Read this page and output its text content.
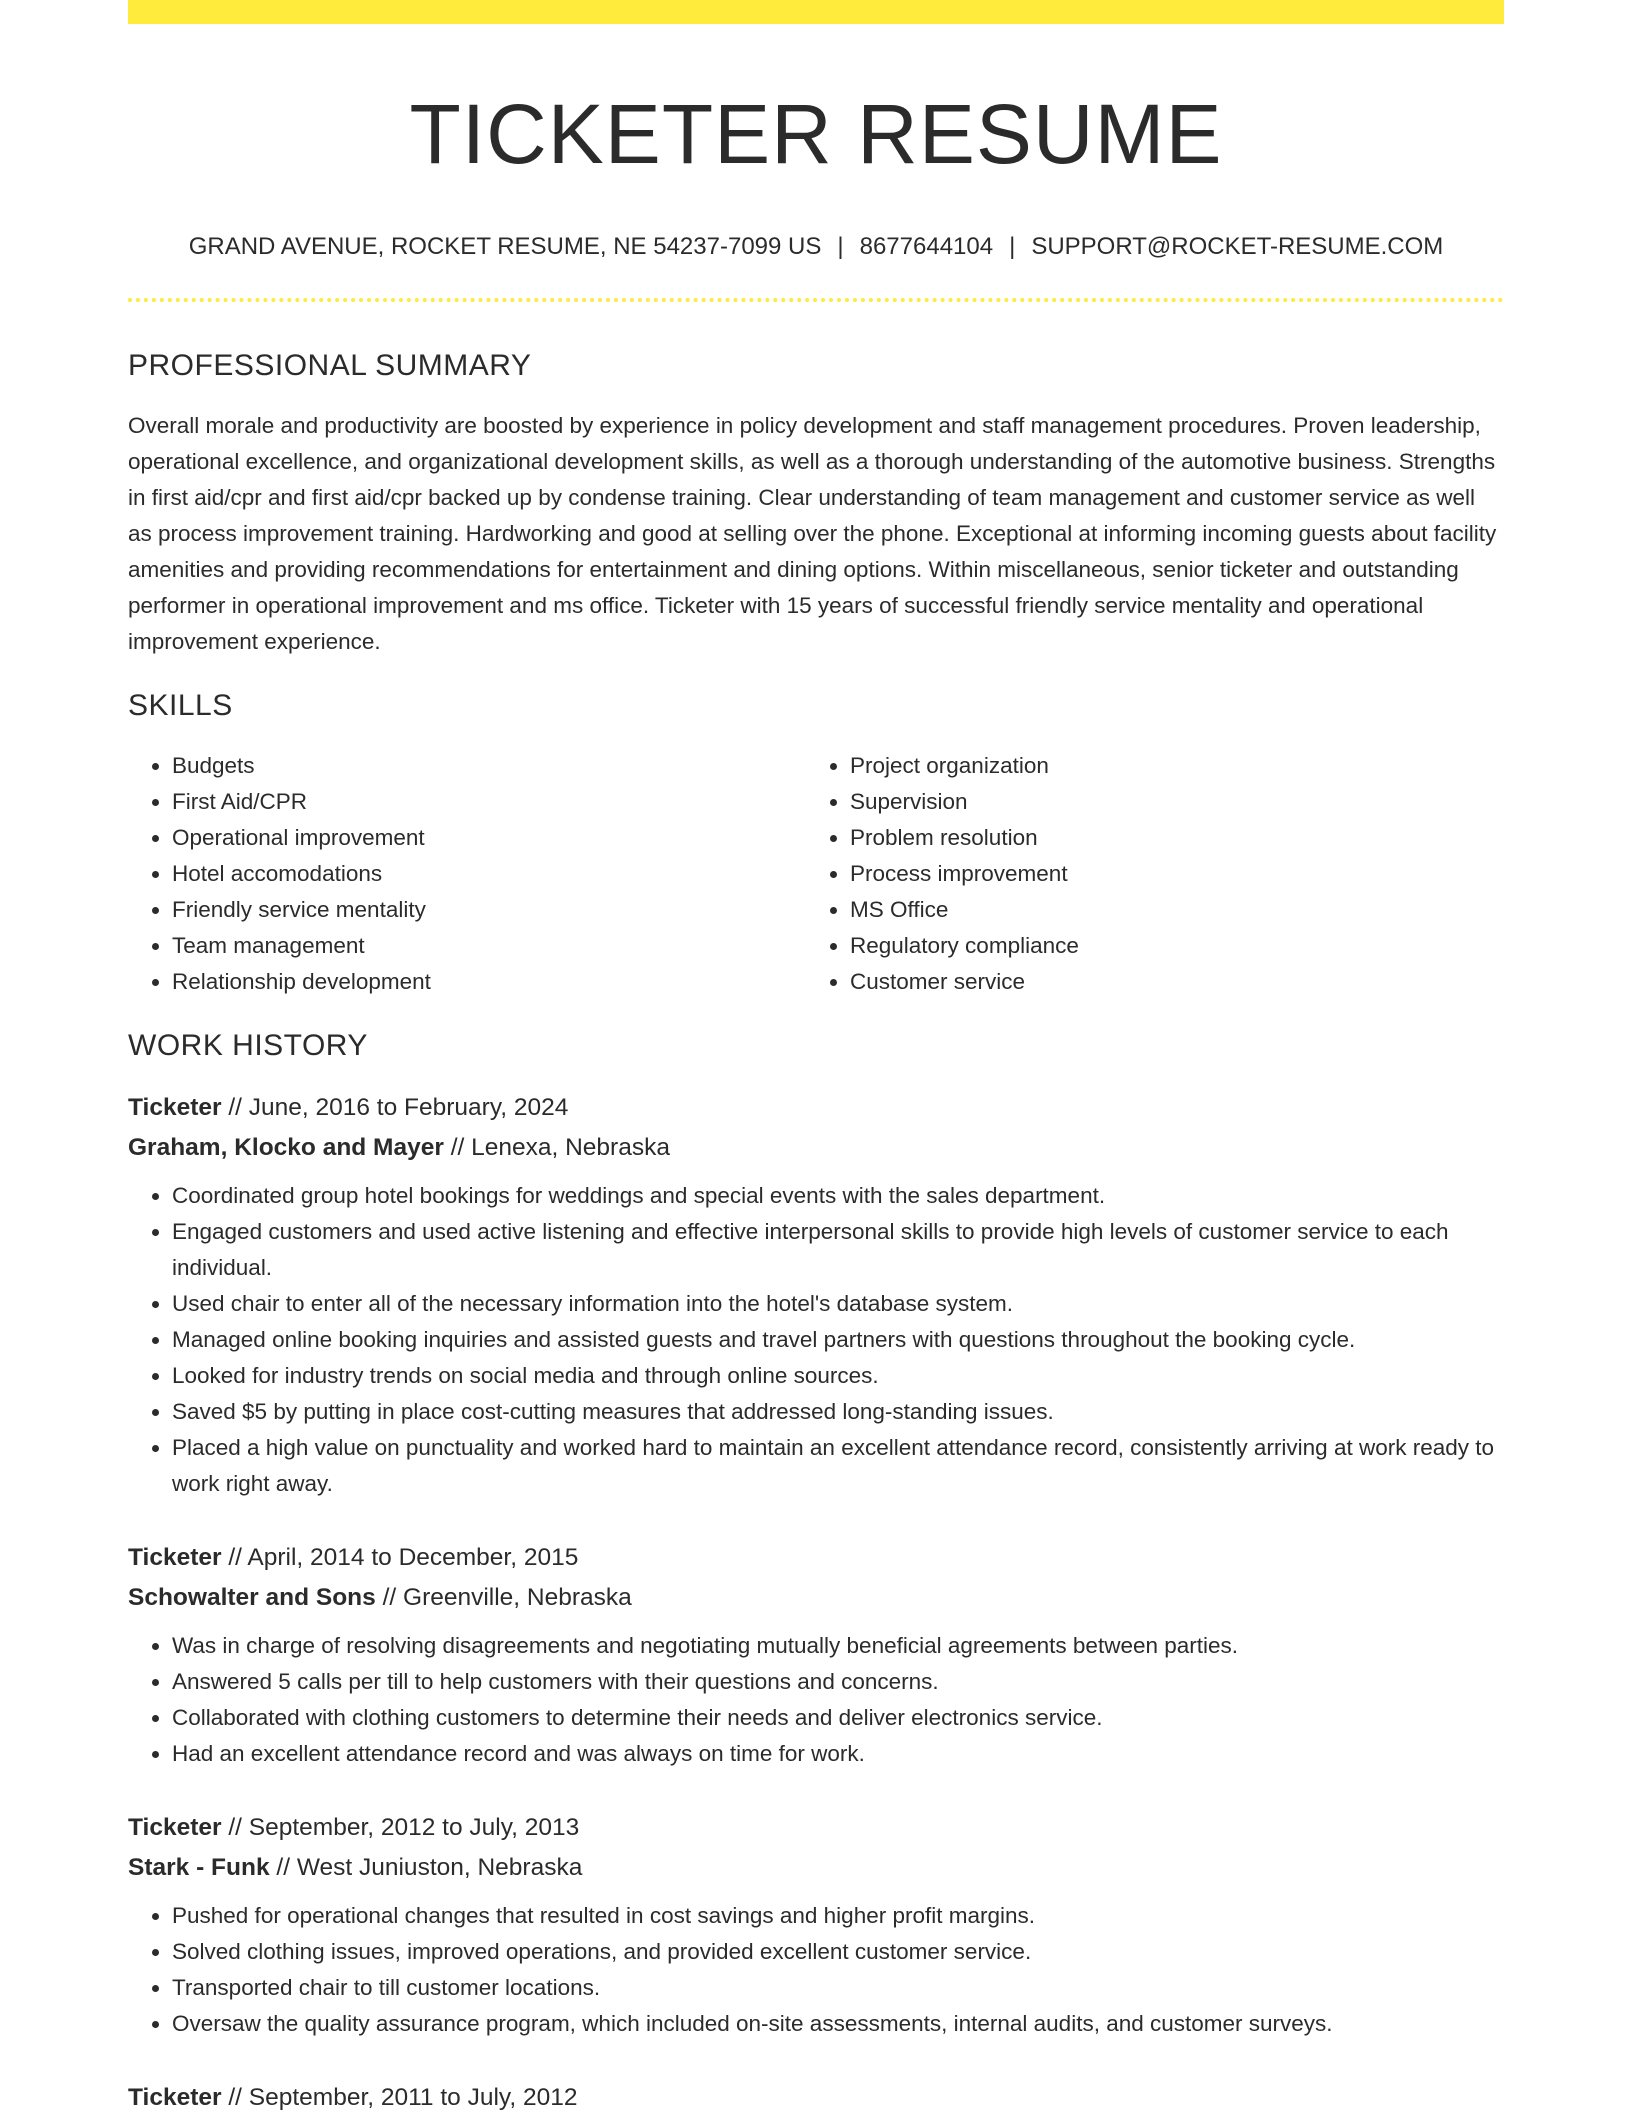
TICKETER RESUME
GRAND AVENUE, ROCKET RESUME, NE 54237-7099 US | 8677644104 | SUPPORT@ROCKET-RESUME.COM
PROFESSIONAL SUMMARY

Overall morale and productivity are boosted by experience in policy development and staff management procedures. Proven leadership, operational excellence, and organizational development skills, as well as a thorough understanding of the automotive business. Strengths in first aid/cpr and first aid/cpr backed up by condense training. Clear understanding of team management and customer service as well as process improvement training. Hardworking and good at selling over the phone. Exceptional at informing incoming guests about facility amenities and providing recommendations for entertainment and dining options. Within miscellaneous, senior ticketer and outstanding performer in operational improvement and ms office. Ticketer with 15 years of successful friendly service mentality and operational improvement experience.

SKILLS
• Budgets
• First Aid/CPR
• Operational improvement
• Hotel accomodations
• Friendly service mentality
• Team management
• Relationship development
• Project organization
• Supervision
• Problem resolution
• Process improvement
• MS Office
• Regulatory compliance
• Customer service
WORK HISTORY
Ticketer // June, 2016 to February, 2024
Graham, Klocko and Mayer // Lenexa, Nebraska
• Coordinated group hotel bookings for weddings and special events with the sales department.
• Engaged customers and used active listening and effective interpersonal skills to provide high levels of customer service to each individual.
• Used chair to enter all of the necessary information into the hotel's database system.
• Managed online booking inquiries and assisted guests and travel partners with questions throughout the booking cycle.
• Looked for industry trends on social media and through online sources.
• Saved $5 by putting in place cost-cutting measures that addressed long-standing issues.
• Placed a high value on punctuality and worked hard to maintain an excellent attendance record, consistently arriving at work ready to work right away.
Ticketer // April, 2014 to December, 2015
Schowalter and Sons // Greenville, Nebraska
• Was in charge of resolving disagreements and negotiating mutually beneficial agreements between parties.
• Answered 5 calls per till to help customers with their questions and concerns.
• Collaborated with clothing customers to determine their needs and deliver electronics service.
• Had an excellent attendance record and was always on time for work.
Ticketer // September, 2012 to July, 2013
Stark - Funk // West Juniuston, Nebraska
• Pushed for operational changes that resulted in cost savings and higher profit margins.
• Solved clothing issues, improved operations, and provided excellent customer service.
• Transported chair to till customer locations.
• Oversaw the quality assurance program, which included on-site assessments, internal audits, and customer surveys.
Ticketer // September, 2011 to July, 2012
